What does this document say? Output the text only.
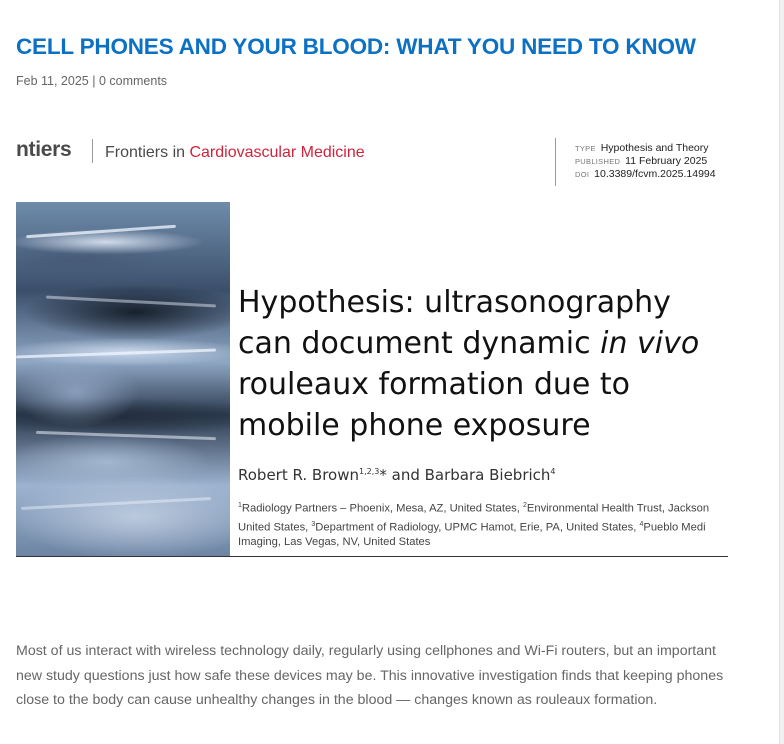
CELL PHONES AND YOUR BLOOD: WHAT YOU NEED TO KNOW
Feb 11, 2025 | 0 comments
ntiers Frontiers in Cardiovascular Medicine	TYPE Hypothesis and Theory
PUBLISHED 11 February 2025
DOI 10.3389/fcvm.2025.14994
Hypothesis: ultrasonography
can document dynamic in vivo
rouleaux formation due to
mobile phone exposure
Robert R. Brown$^{1,2,3}$* and Barbara Biebrich$^4$
$^1$Radiology Partners – Phoenix, Mesa, AZ, United States, $^2$Environmental Health Trust, Jackson
United States, $^3$Department of Radiology, UPMC Hamot, Erie, PA, United States, $^4$Pueblo Medi
Imaging, Las Vegas, NV, United States

Most of us interact with wireless technology daily, regularly using cellphones and Wi-Fi routers, but an important new study questions just how safe these devices may be. This innovative investigation finds that keeping phones close to the body can cause unhealthy changes in the blood — changes known as rouleaux formation.
